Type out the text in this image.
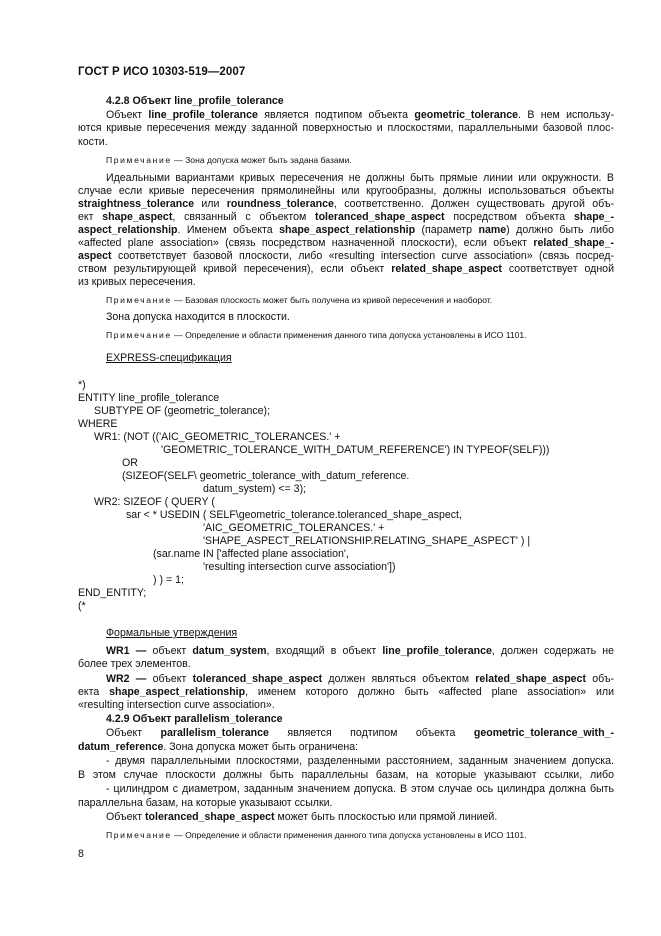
ГОСТ Р ИСО 10303-519—2007
4.2.8 Объект line_profile_tolerance
Объект line_profile_tolerance является подтипом объекта geometric_tolerance. В нем использу-
ются кривые пересечения между заданной поверхностью и плоскостями, параллельными базовой плос-
кости.
Примечание — Зона допуска может быть задана базами.
Идеальными вариантами кривых пересечения не должны быть прямые линии или окружности. В
случае если кривые пересечения прямолинейны или кругообразны, должны использоваться объекты
straightness_tolerance или roundness_tolerance, соответственно. Должен существовать другой объ-
ект shape_aspect, связанный с объектом toleranced_shape_aspect посредством объекта shape_-
aspect_relationship. Именем объекта shape_aspect_relationship (параметр name) должно быть либо
«affected plane association» (связь посредством назначенной плоскости), если объект related_shape_-
aspect соответствует базовой плоскости, либо «resulting intersection curve association» (связь посред-
ством результирующей кривой пересечения), если объект related_shape_aspect соответствует одной
из кривых пересечения.
Примечание — Базовая плоскость может быть получена из кривой пересечения и наоборот.
Зона допуска находится в плоскости.
Примечание — Определение и области применения данного типа допуска установлены в ИСО 1101.
EXPRESS-спецификация
*)
ENTITY line_profile_tolerance
SUBTYPE OF (geometric_tolerance);
WHERE
WR1: (NOT (('AIC_GEOMETRIC_TOLERANCES.' +
'GEOMETRIC_TOLERANCE_WITH_DATUM_REFERENCE') IN TYPEOF(SELF)))
OR
(SIZEOF(SELF\ geometric_tolerance_with_datum_reference.
datum_system) <= 3);
WR2: SIZEOF ( QUERY (
sar < * USEDIN ( SELF\geometric_tolerance.toleranced_shape_aspect,
'AIC_GEOMETRIC_TOLERANCES.' +
'SHAPE_ASPECT_RELATIONSHIP.RELATING_SHAPE_ASPECT' ) |
(sar.name IN ['affected plane association',
'resulting intersection curve association'])
) ) = 1;
END_ENTITY;
(*
Формальные утверждения
WR1 — объект datum_system, входящий в объект line_profile_tolerance, должен содержать не
более трех элементов.
WR2 — объект toleranced_shape_aspect должен являться объектом related_shape_aspect объ-
екта shape_aspect_relationship, именем которого должно быть «affected plane association» или
«resulting intersection curve association».
4.2.9 Объект parallelism_tolerance
Объект parallelism_tolerance является подтипом объекта geometric_tolerance_with_-
datum_reference. Зона допуска может быть ограничена:
- двумя параллельными плоскостями, разделенными расстоянием, заданным значением допуска.
В этом случае плоскости должны быть параллельны базам, на которые указывают ссылки, либо
- цилиндром с диаметром, заданным значением допуска. В этом случае ось цилиндра должна быть
параллельна базам, на которые указывают ссылки.
Объект toleranced_shape_aspect может быть плоскостью или прямой линией.
Примечание — Определение и области применения данного типа допуска установлены в ИСО 1101.
8
